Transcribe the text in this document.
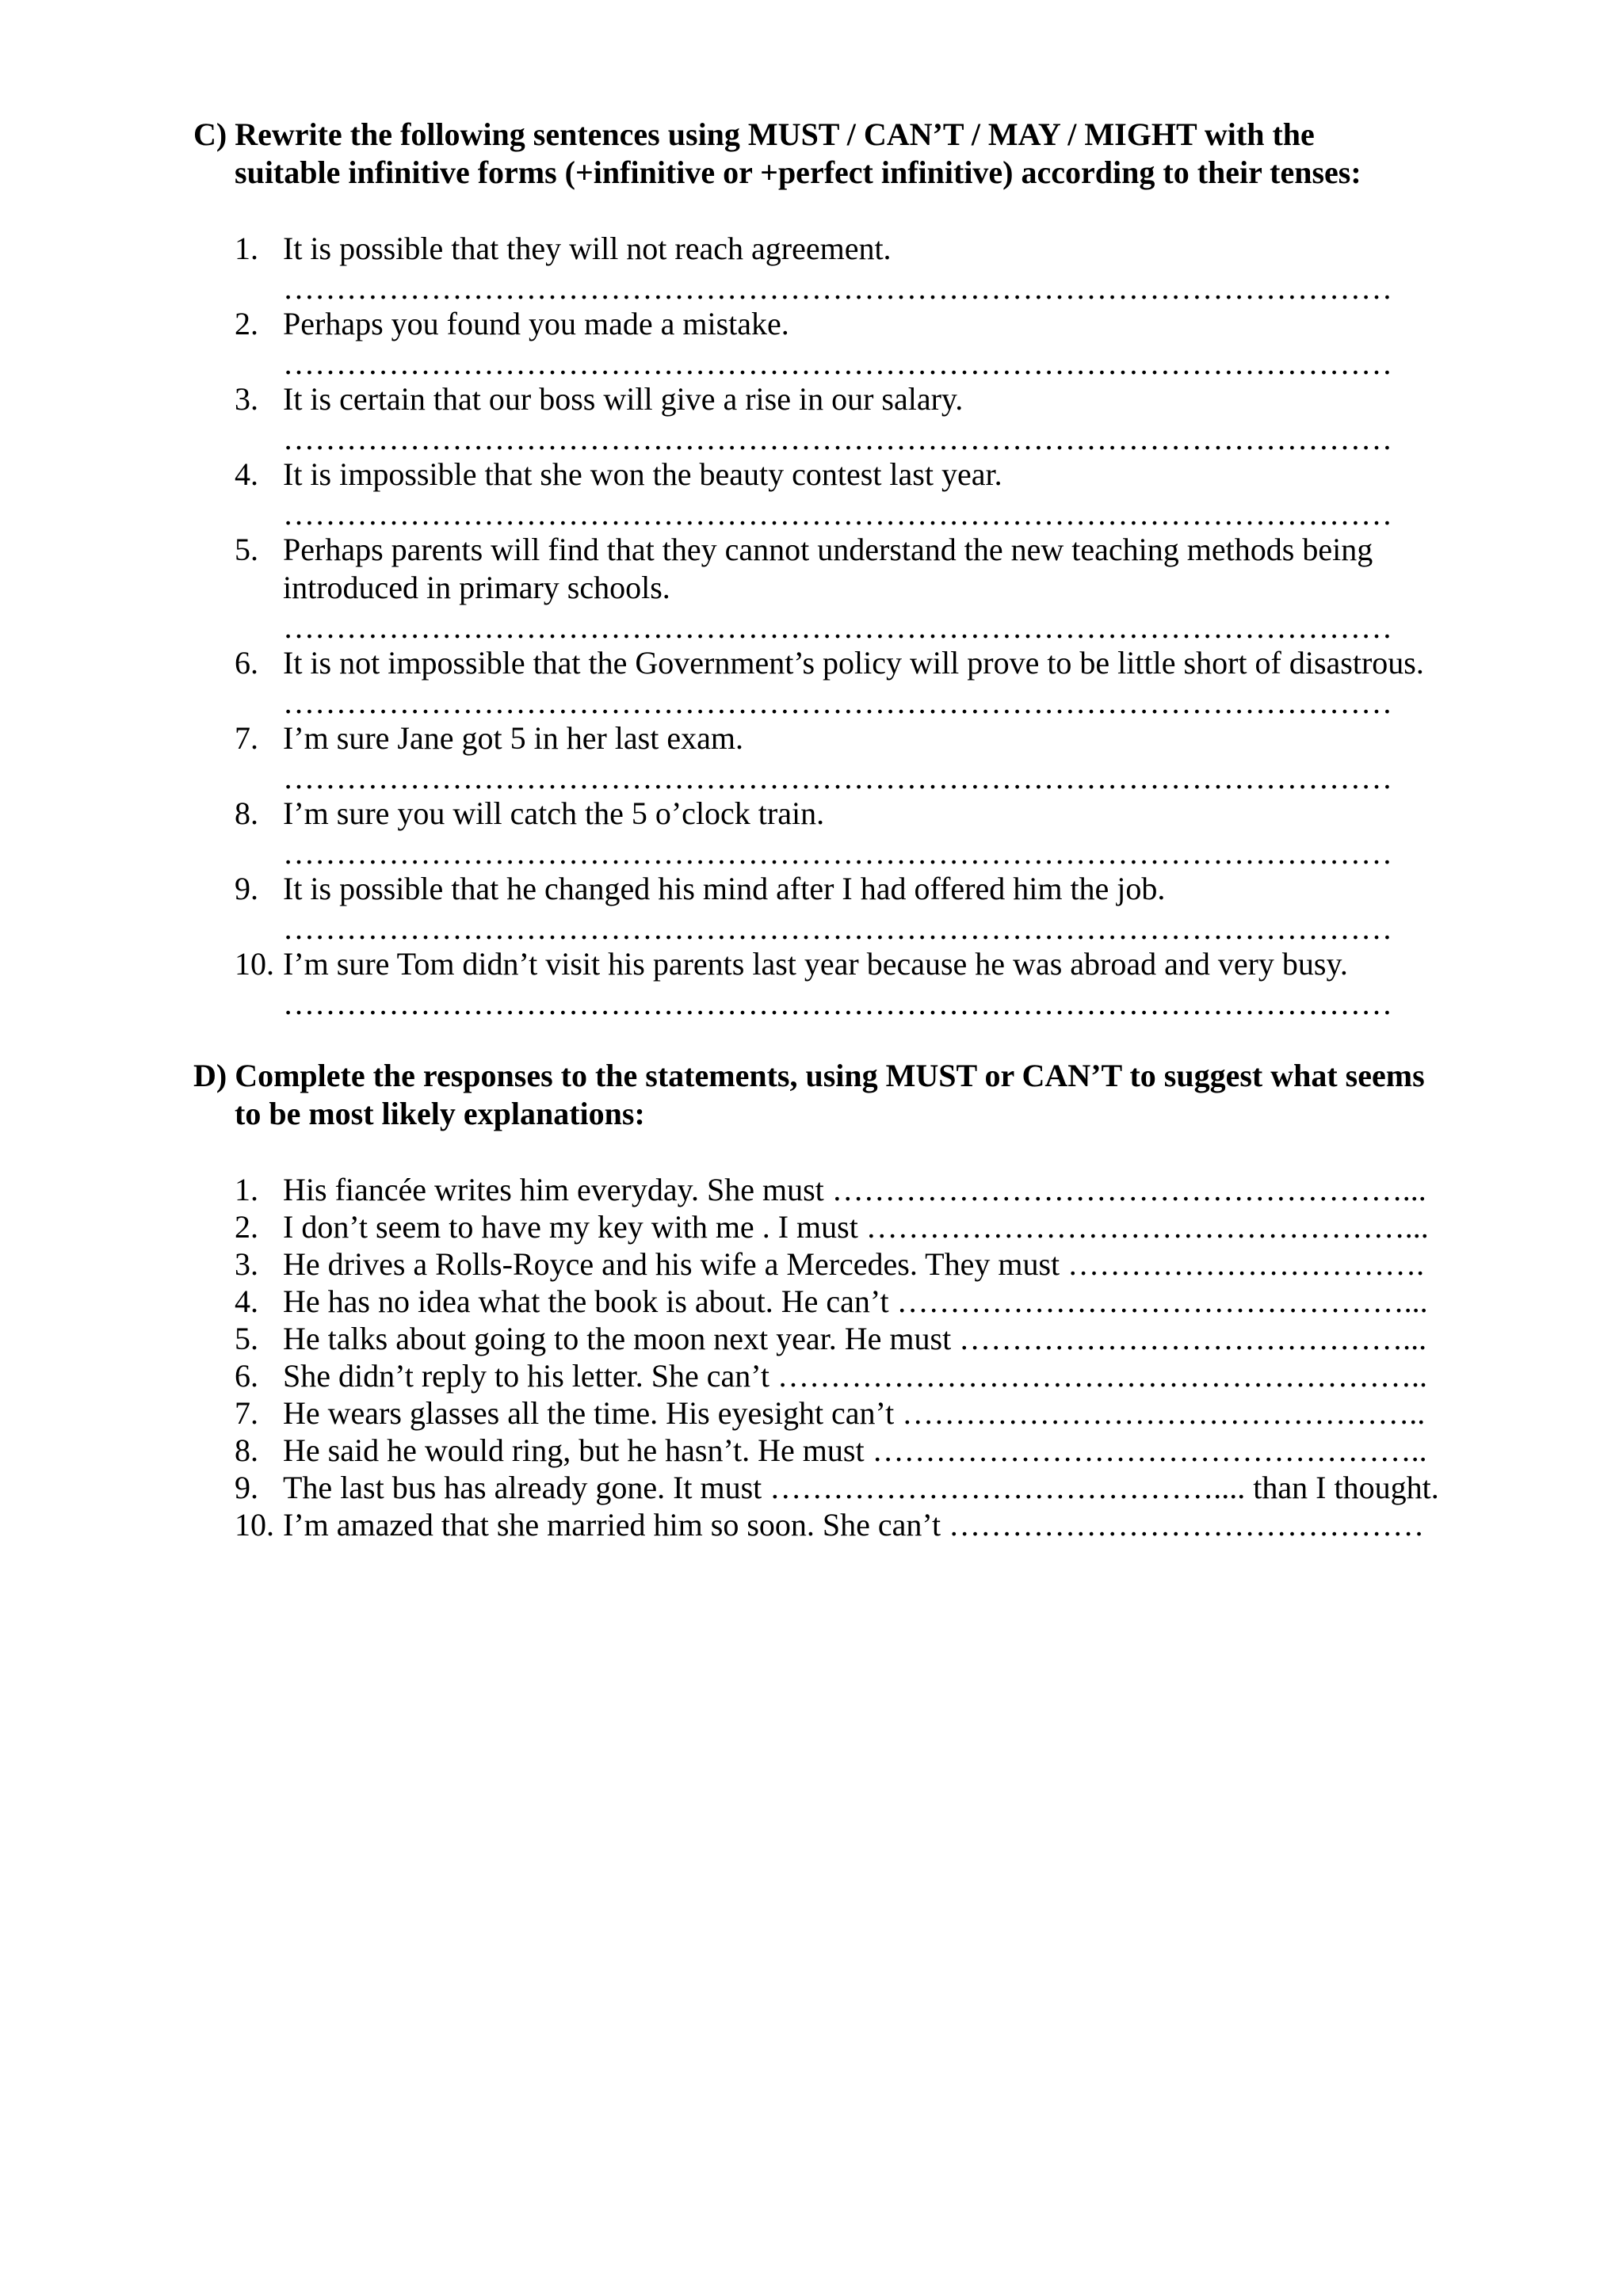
C) Rewrite the following sentences using MUST / CAN’T / MAY / MIGHT with the
suitable infinitive forms (+infinitive or +perfect infinitive) according to their tenses:
1. It is possible that they will not reach agreement.
……………………………………………………………………………………………
2. Perhaps you found you made a mistake.
……………………………………………………………………………………………
3. It is certain that our boss will give a rise in our salary.
……………………………………………………………………………………………
4. It is impossible that she won the beauty contest last year.
……………………………………………………………………………………………
5. Perhaps parents will find that they cannot understand the new teaching methods being
introduced in primary schools.
……………………………………………………………………………………………
6. It is not impossible that the Government’s policy will prove to be little short of disastrous.
……………………………………………………………………………………………
7. I’m sure Jane got 5 in her last exam.
……………………………………………………………………………………………
8. I’m sure you will catch the 5 o’clock train.
……………………………………………………………………………………………
9. It is possible that he changed his mind after I had offered him the job.
……………………………………………………………………………………………
10. I’m sure Tom didn’t visit his parents last year because he was abroad and very busy.
……………………………………………………………………………………………
D) Complete the responses to the statements, using MUST or CAN’T to suggest what seems
to be most likely explanations:
1. His fiancée writes him everyday. She must ………………………………………………...
2. I don’t seem to have my key with me . I must ……………………………………………...
3. He drives a Rolls-Royce and his wife a Mercedes. They must …………………………….
4. He has no idea what the book is about. He can’t …………………………………………...
5. He talks about going to the moon next year. He must ……………………………………...
6. She didn’t reply to his letter. She can’t ……………………………………………………..
7. He wears glasses all the time. His eyesight can’t …………………………………………..
8. He said he would ring, but he hasn’t. He must ……………………………………………..
9. The last bus has already gone. It must …………………………………….... than I thought.
10. I’m amazed that she married him so soon. She can’t ………………………………………
